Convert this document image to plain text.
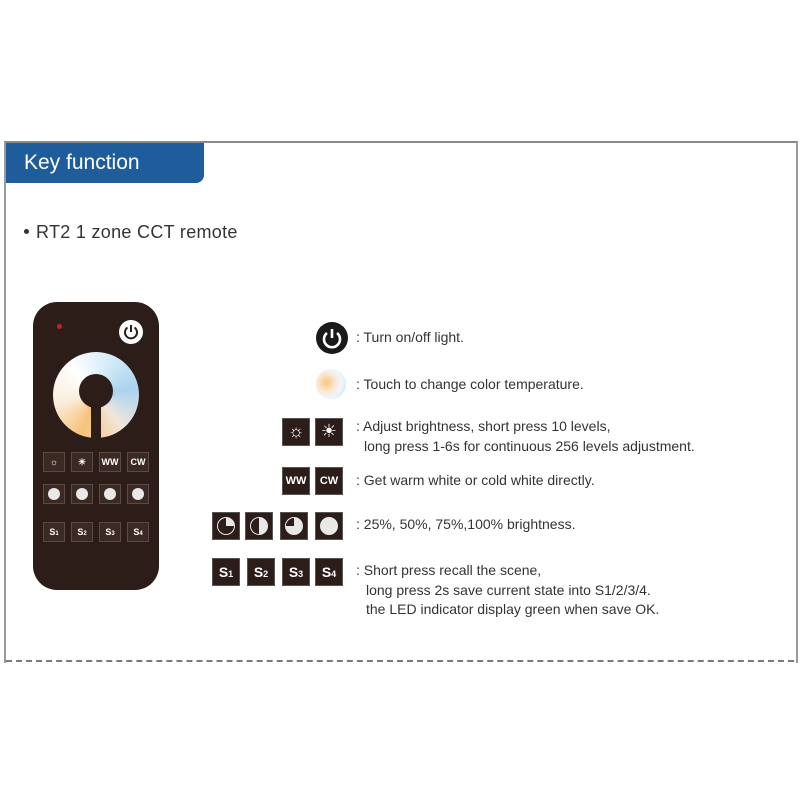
Key function
RT2 1 zone CCT remote
☼	☀	WW	CW
S1	S2	S3	S4
: Turn on/off light.
: Touch to change color temperature.
☼ ☀	: Adjust brightness, short press 10 levels,
long press 1-6s for continuous 256 levels adjustment.
WW	CW	: Get warm white or cold white directly.
: 25%, 50%, 75%,100% brightness.
S1	S2	S3	S4	: Short press recall the scene,
long press 2s save current state into S1/2/3/4.
the LED indicator display green when save OK.
